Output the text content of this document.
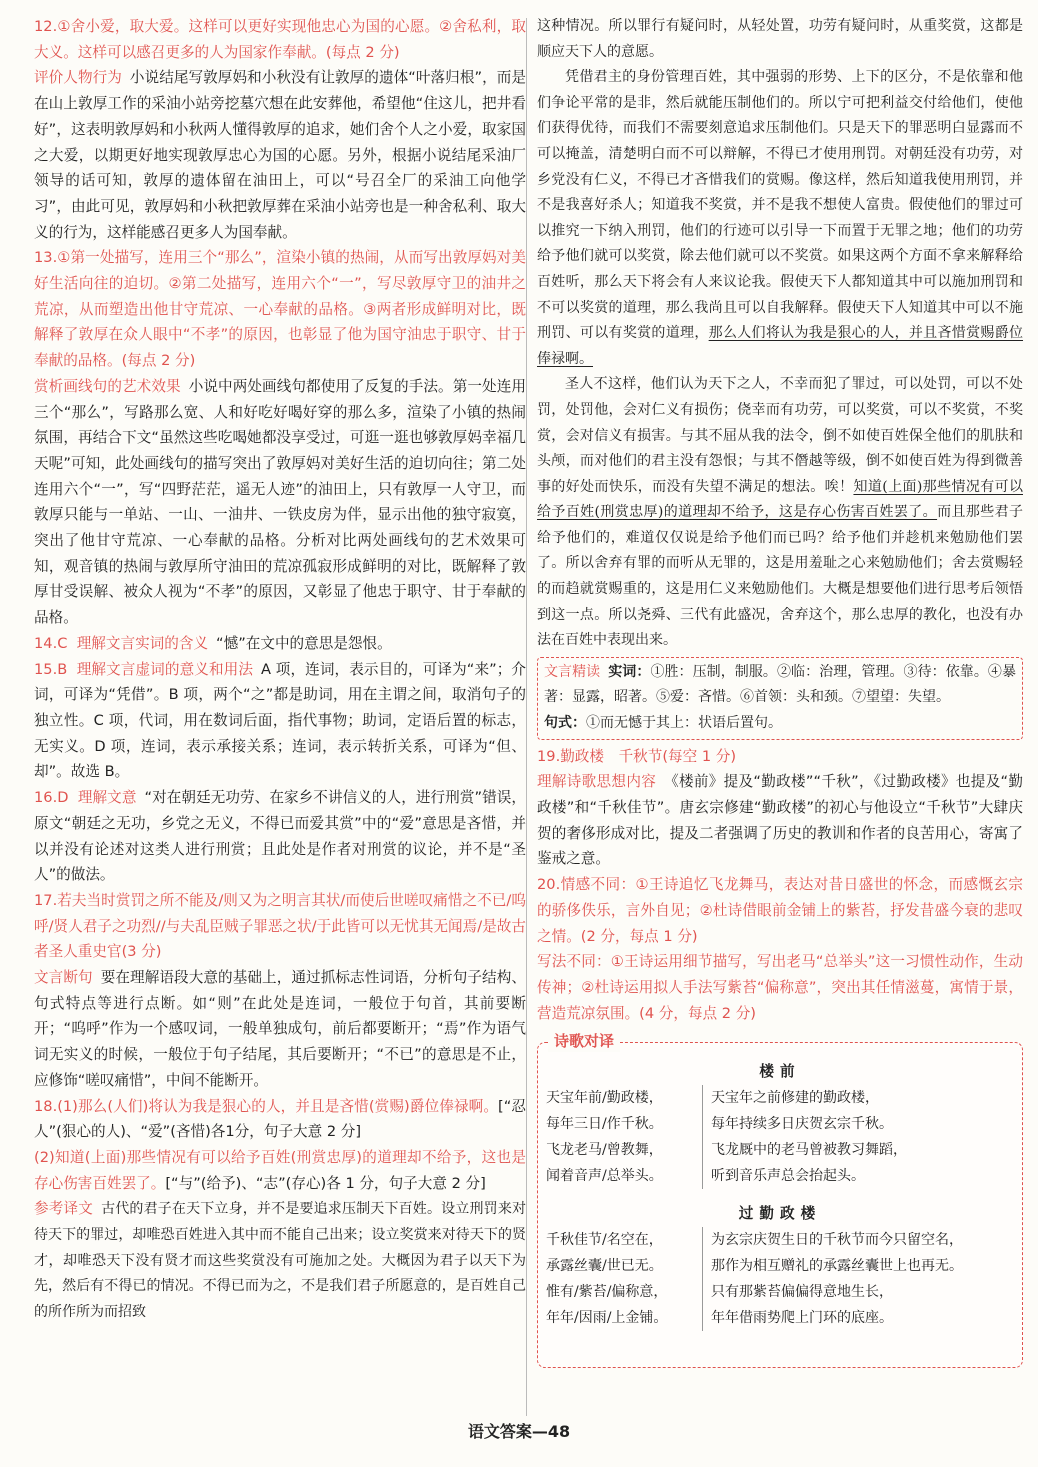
12.①舍小爱，取大爱。这样可以更好实现他忠心为国的心愿。②舍私利，取大义。这样可以感召更多的人为国家作奉献。(每点 2 分)

评价人物行为 小说结尾写敦厚妈和小秋没有让敦厚的遗体“叶落归根”，而是在山上敦厚工作的采油小站旁挖墓穴想在此安葬他，希望他“住这儿，把井看好”，这表明敦厚妈和小秋两人懂得敦厚的追求，她们舍个人之小爱，取家国之大爱，以期更好地实现敦厚忠心为国的心愿。另外，根据小说结尾采油厂领导的话可知，敦厚的遗体留在油田上，可以“号召全厂的采油工向他学习”，由此可见，敦厚妈和小秋把敦厚葬在采油小站旁也是一种舍私利、取大义的行为，这样能感召更多人为国奉献。

13.①第一处描写，连用三个“那么”，渲染小镇的热闹，从而写出敦厚妈对美好生活向往的迫切。②第二处描写，连用六个“一”，写尽敦厚守卫的油井之荒凉，从而塑造出他甘守荒凉、一心奉献的品格。③两者形成鲜明对比，既解释了敦厚在众人眼中“不孝”的原因，也彰显了他为国守油忠于职守、甘于奉献的品格。(每点 2 分)

赏析画线句的艺术效果 小说中两处画线句都使用了反复的手法。第一处连用三个“那么”，写路那么宽、人和好吃好喝好穿的那么多，渲染了小镇的热闹氛围，再结合下文“虽然这些吃喝她都没享受过，可逛一逛也够敦厚妈幸福几天呢”可知，此处画线句的描写突出了敦厚妈对美好生活的迫切向往；第二处连用六个“一”，写“四野茫茫，遥无人迹”的油田上，只有敦厚一人守卫，而敦厚只能与一单站、一山、一油井、一铁皮房为伴，显示出他的独守寂寞，突出了他甘守荒凉、一心奉献的品格。分析对比两处画线句的艺术效果可知，观音镇的热闹与敦厚所守油田的荒凉孤寂形成鲜明的对比，既解释了敦厚甘受误解、被众人视为“不孝”的原因，又彰显了他忠于职守、甘于奉献的品格。

14.C 理解文言实词的含义 “憾”在文中的意思是怨恨。

15.B 理解文言虚词的意义和用法 A 项，连词，表示目的，可译为“来”；介词，可译为“凭借”。B 项，两个“之”都是助词，用在主谓之间，取消句子的独立性。C 项，代词，用在数词后面，指代事物；助词，定语后置的标志，无实义。D 项，连词，表示承接关系；连词，表示转折关系，可译为“但、却”。故选 B。

16.D 理解文意 “对在朝廷无功劳、在家乡不讲信义的人，进行刑赏”错误，原文“朝廷之无功，乡党之无义，不得已而爱其赏”中的“爱”意思是吝惜，并以并没有论述对这类人进行刑赏；且此处是作者对刑赏的议论，并不是“圣人”的做法。

17.若夫当时赏罚之所不能及/则又为之明言其状/而使后世嗟叹痛惜之不已/呜呼/贤人君子之功烈//与夫乱臣贼子罪恶之状/于此皆可以无忧其无闻焉/是故古者圣人重史官(3 分)

文言断句 要在理解语段大意的基础上，通过抓标志性词语，分析句子结构、句式特点等进行点断。如“则”在此处是连词，一般位于句首，其前要断开；“呜呼”作为一个感叹词，一般单独成句，前后都要断开；“焉”作为语气词无实义的时候，一般位于句子结尾，其后要断开；“不已”的意思是不止，应修饰“嗟叹痛惜”，中间不能断开。

18.(1)那么(人们)将认为我是狠心的人，并且是吝惜(赏赐)爵位俸禄啊。[“忍人”(狠心的人)、“爱”(吝惜)各1分，句子大意 2 分]

(2)知道(上面)那些情况有可以给予百姓(刑赏忠厚)的道理却不给予，这也是存心伤害百姓罢了。[“与”(给予)、“志”(存心)各 1 分，句子大意 2 分]

参考译文 古代的君子在天下立身，并不是要追求压制天下百姓。设立刑罚来对待天下的罪过，却唯恐百姓进入其中而不能自己出来；设立奖赏来对待天下的贤才，却唯恐天下没有贤才而这些奖赏没有可施加之处。大概因为君子以天下为先，然后有不得已的情况。不得已而为之，不是我们君子所愿意的，是百姓自己的所作所为而招致

这种情况。所以罪行有疑问时，从轻处置，功劳有疑问时，从重奖赏，这都是顺应天下人的意愿。

凭借君主的身份管理百姓，其中强弱的形势、上下的区分，不是依靠和他们争论平常的是非，然后就能压制他们的。所以宁可把利益交付给他们，使他们获得优待，而我们不需要刻意追求压制他们。只是天下的罪恶明白显露而不可以掩盖，清楚明白而不可以辩解，不得已才使用刑罚。对朝廷没有功劳，对乡党没有仁义，不得已才吝惜我们的赏赐。像这样，然后知道我使用刑罚，并不是我喜好杀人；知道我不奖赏，并不是我不想使人富贵。假使他们的罪过可以推究一下纳入刑罚，他们的行迹可以引导一下而置于无罪之地；他们的功劳给予他们就可以奖赏，除去他们就可以不奖赏。如果这两个方面不拿来解释给百姓听，那么天下将会有人来议论我。假使天下人都知道其中可以施加刑罚和不可以奖赏的道理，那么我尚且可以自我解释。假使天下人知道其中可以不施刑罚、可以有奖赏的道理，那么人们将认为我是狠心的人，并且吝惜赏赐爵位俸禄啊。

圣人不这样，他们认为天下之人，不幸而犯了罪过，可以处罚，可以不处罚，处罚他，会对仁义有损伤；侥幸而有功劳，可以奖赏，可以不奖赏，不奖赏，会对信义有损害。与其不屈从我的法令，倒不如使百姓保全他们的肌肤和头颅，而对他们的君主没有怨恨；与其不僭越等级，倒不如使百姓为得到微善事的好处而快乐，而没有失望不满足的想法。唉！知道(上面)那些情况有可以给予百姓(刑赏忠厚)的道理却不给予，这是存心伤害百姓罢了。而且那些君子给予他们的，难道仅仅说是给予他们而已吗？给予他们并趁机来勉励他们罢了。所以舍弃有罪的而听从无罪的，这是用羞耻之心来勉励他们；舍去赏赐轻的而趋就赏赐重的，这是用仁义来勉励他们。大概是想要他们进行思考后领悟到这一点。所以尧舜、三代有此盛况，舍弃这个，那么忠厚的教化，也没有办法在百姓中表现出来。

文言精读 实词：①胜：压制，制服。②临：治理，管理。③待：依靠。④暴著：显露，昭著。⑤爱：吝惜。⑥首领：头和颈。⑦望望：失望。
句式：①而无憾于其上：状语后置句。

19.勤政楼　千秋节(每空 1 分)

理解诗歌思想内容 《楼前》提及“勤政楼”“千秋”，《过勤政楼》也提及“勤政楼”和“千秋佳节”。唐玄宗修建“勤政楼”的初心与他设立“千秋节”大肆庆贺的奢侈形成对比，提及二者强调了历史的教训和作者的良苦用心，寄寓了鉴戒之意。

20.情感不同：①王诗追忆飞龙舞马，表达对昔日盛世的怀念，而感慨玄宗的骄侈佚乐，言外自见；②杜诗借眼前金铺上的紫苔，抒发昔盛今衰的悲叹之情。(2 分，每点 1 分)

写法不同：①王诗运用细节描写，写出老马“总举头”这一习惯性动作，生动传神；②杜诗运用拟人手法写紫苔“偏称意”，突出其任情滋蔓，寓情于景，营造荒凉氛围。(4 分，每点 2 分)

诗歌对译

楼前

天宝年前/勤政楼，
每年三日/作千秋。
飞龙老马/曾教舞，
闻着音声/总举头。
天宝年之前修建的勤政楼，
每年持续多日庆贺玄宗千秋。
飞龙厩中的老马曾被教习舞蹈，
听到音乐声总会抬起头。

过勤政楼

千秋佳节/名空在，
承露丝囊/世已无。
惟有/紫苔/偏称意，
年年/因雨/上金铺。
为玄宗庆贺生日的千秋节而今只留空名，
那作为相互赠礼的承露丝囊世上也再无。
只有那紫苔偏偏得意地生长，
年年借雨势爬上门环的底座。
语文答案—48
